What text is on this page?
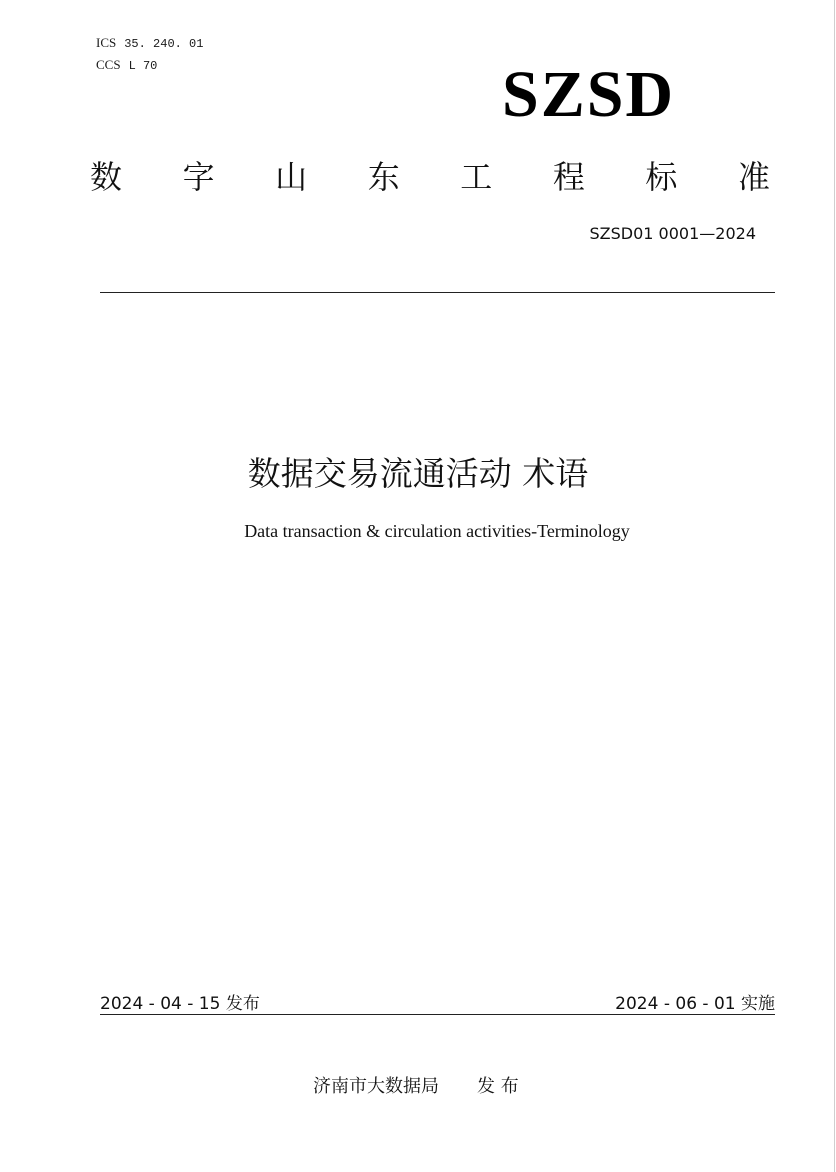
ICS 35. 240. 01
CCS L 70	SZSD
数 字 山 东 工 程 标 准
SZSD01 0001—2024
数据交易流通活动 术语
Data transaction & circulation activities-Terminology
2024 - 04 - 15 发布	2024 - 06 - 01 实施
济南市大数据局 发 布
